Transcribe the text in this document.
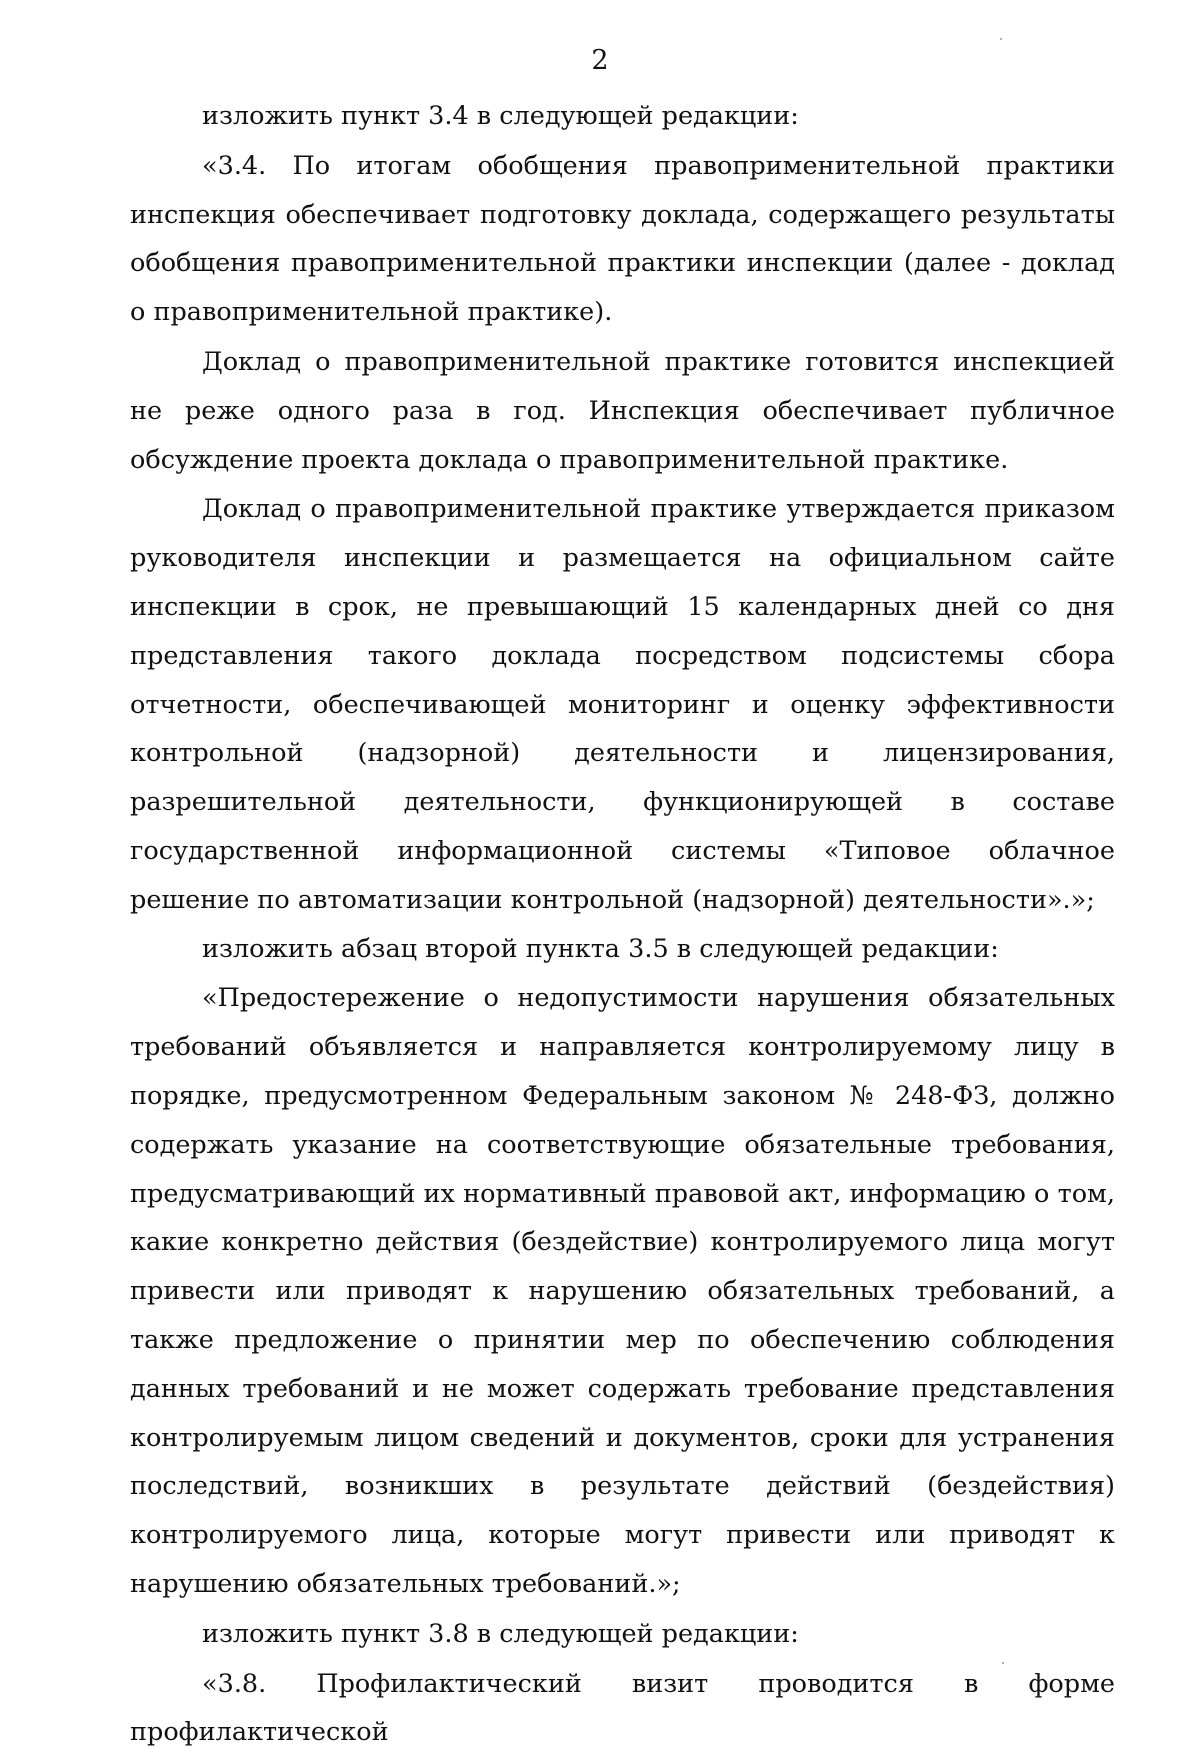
2

изложить пункт 3.4 в следующей редакции:

«3.4. По итогам обобщения правоприменительной практики инспекция обеспечивает подготовку доклада, содержащего результаты обобщения правоприменительной практики инспекции (далее - доклад о правоприменительной практике).

Доклад о правоприменительной практике готовится инспекцией не реже одного раза в год. Инспекция обеспечивает публичное обсуждение проекта доклада о правоприменительной практике.

Доклад о правоприменительной практике утверждается приказом руководителя инспекции и размещается на официальном сайте инспекции в срок, не превышающий 15 календарных дней со дня представления такого доклада посредством подсистемы сбора отчетности, обеспечивающей мониторинг и оценку эффективности контрольной (надзорной) деятельности и лицензирования, разрешительной деятельности, функционирующей в составе государственной информационной системы «Типовое облачное решение по автоматизации контрольной (надзорной) деятельности».»;

изложить абзац второй пункта 3.5 в следующей редакции:

«Предостережение о недопустимости нарушения обязательных требований объявляется и направляется контролируемому лицу в порядке, предусмотренном Федеральным законом № 248-ФЗ, должно содержать указание на соответствующие обязательные требования, предусматривающий их нормативный правовой акт, информацию о том, какие конкретно действия (бездействие) контролируемого лица могут привести или приводят к нарушению обязательных требований, а также предложение о принятии мер по обеспечению соблюдения данных требований и не может содержать требование представления контролируемым лицом сведений и документов, сроки для устранения последствий, возникших в результате действий (бездействия) контролируемого лица, которые могут привести или приводят к нарушению обязательных требований.»;

изложить пункт 3.8 в следующей редакции:

«3.8. Профилактический визит проводится в форме профилактической
